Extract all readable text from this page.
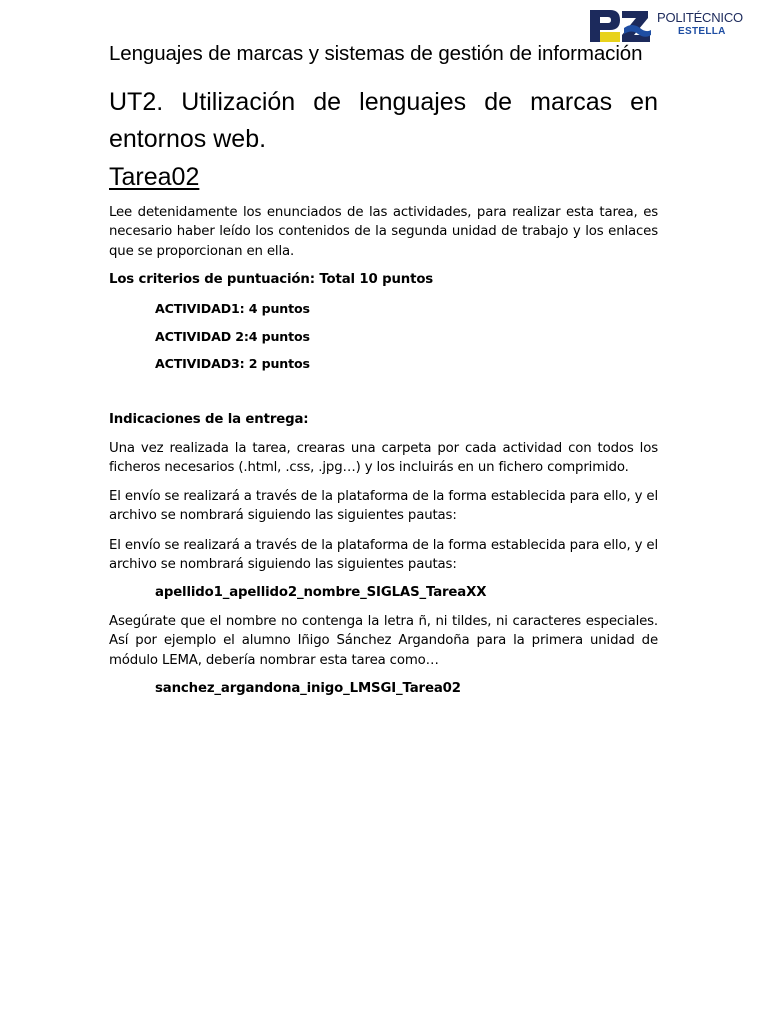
POLITÉCNICO
ESTELLA
Lenguajes de marcas y sistemas de gestión de información
UT2. Utilización de lenguajes de marcas en entornos web.
Tarea02
Lee detenidamente los enunciados de las actividades, para realizar esta tarea, es necesario haber leído los contenidos de la segunda unidad de trabajo y los enlaces que se proporcionan en ella.
Los criterios de puntuación: Total 10 puntos
ACTIVIDAD1: 4 puntos
ACTIVIDAD 2:4 puntos
ACTIVIDAD3: 2 puntos
Indicaciones de la entrega:
Una vez realizada la tarea, crearas una carpeta por cada actividad con todos los ficheros necesarios (.html, .css, .jpg…) y los incluirás en un fichero comprimido.
El envío se realizará a través de la plataforma de la forma establecida para ello, y el archivo se nombrará siguiendo las siguientes pautas:
El envío se realizará a través de la plataforma de la forma establecida para ello, y el archivo se nombrará siguiendo las siguientes pautas:
apellido1_apellido2_nombre_SIGLAS_TareaXX
Asegúrate que el nombre no contenga la letra ñ, ni tildes, ni caracteres especiales. Así por ejemplo el alumno Iñigo Sánchez Argandoña para la primera unidad de módulo LEMA, debería nombrar esta tarea como…
sanchez_argandona_inigo_LMSGI_Tarea02
